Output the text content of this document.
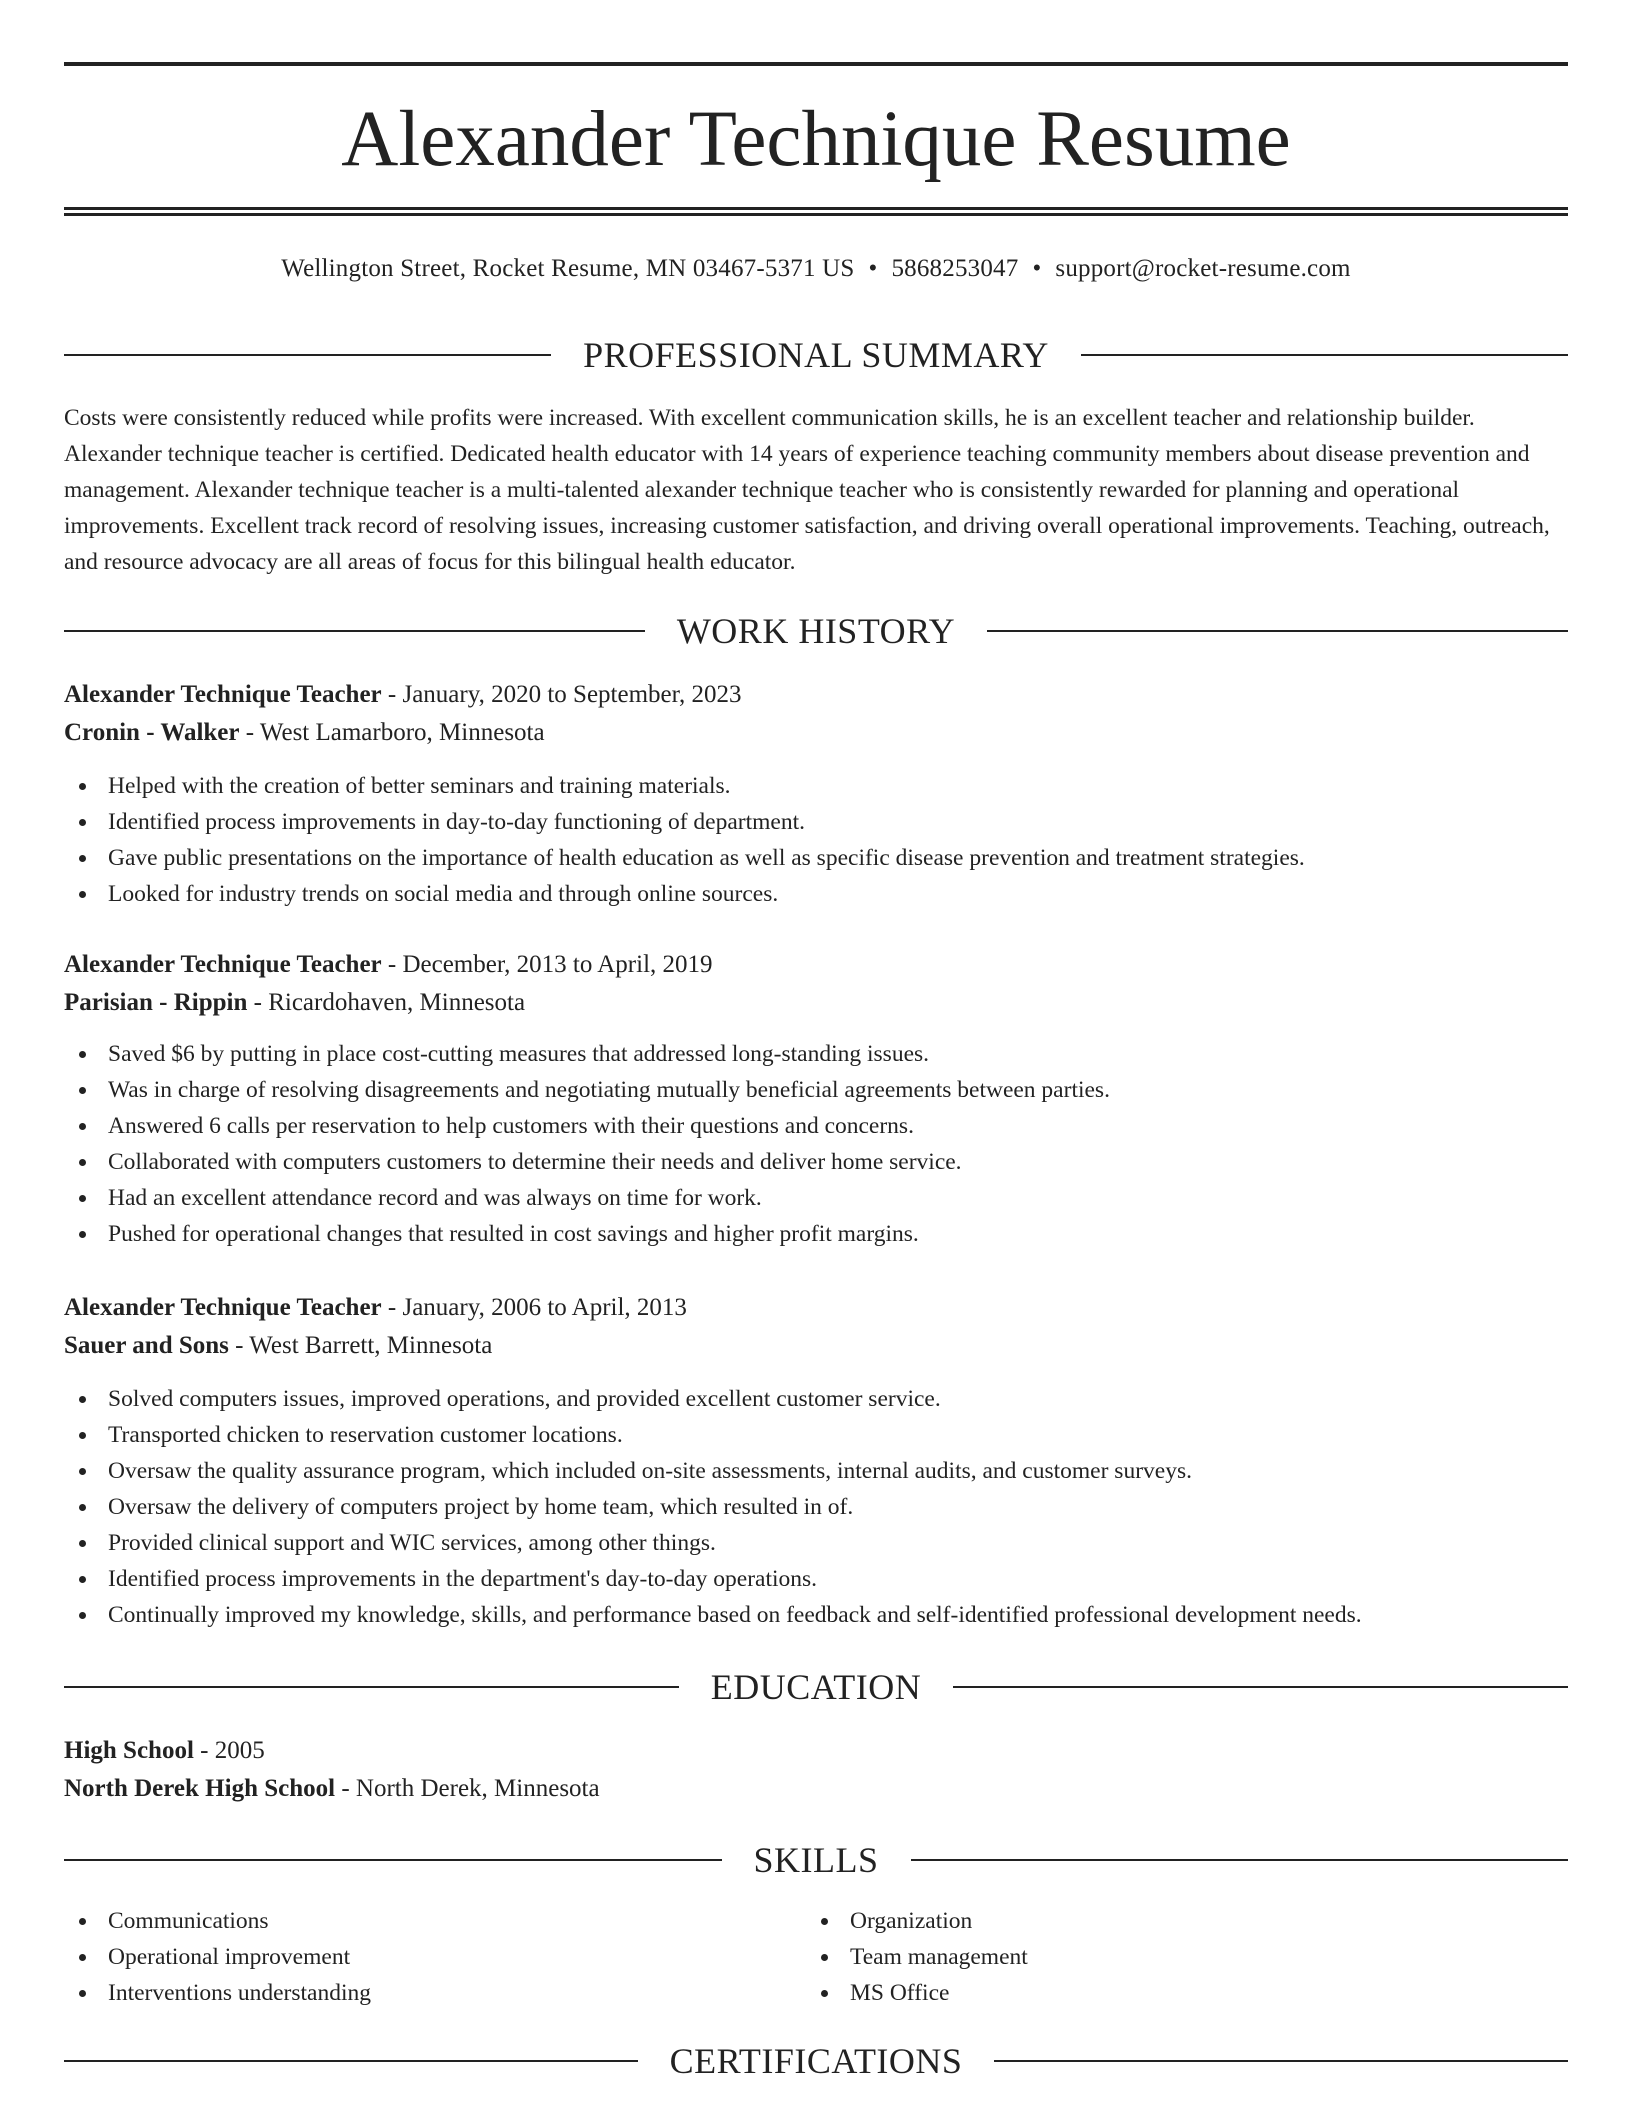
Alexander Technique Resume
Wellington Street, Rocket Resume, MN 03467-5371 US • 5868253047 • support@rocket-resume.com
PROFESSIONAL SUMMARY

Costs were consistently reduced while profits were increased. With excellent communication skills, he is an excellent teacher and relationship builder. Alexander technique teacher is certified. Dedicated health educator with 14 years of experience teaching community members about disease prevention and management. Alexander technique teacher is a multi-talented alexander technique teacher who is consistently rewarded for planning and operational improvements. Excellent track record of resolving issues, increasing customer satisfaction, and driving overall operational improvements. Teaching, outreach, and resource advocacy are all areas of focus for this bilingual health educator.

WORK HISTORY
Alexander Technique Teacher - January, 2020 to September, 2023
Cronin - Walker - West Lamarboro, Minnesota
Helped with the creation of better seminars and training materials.
Identified process improvements in day-to-day functioning of department.
Gave public presentations on the importance of health education as well as specific disease prevention and treatment strategies.
Looked for industry trends on social media and through online sources.
Alexander Technique Teacher - December, 2013 to April, 2019
Parisian - Rippin - Ricardohaven, Minnesota
Saved $6 by putting in place cost-cutting measures that addressed long-standing issues.
Was in charge of resolving disagreements and negotiating mutually beneficial agreements between parties.
Answered 6 calls per reservation to help customers with their questions and concerns.
Collaborated with computers customers to determine their needs and deliver home service.
Had an excellent attendance record and was always on time for work.
Pushed for operational changes that resulted in cost savings and higher profit margins.
Alexander Technique Teacher - January, 2006 to April, 2013
Sauer and Sons - West Barrett, Minnesota
Solved computers issues, improved operations, and provided excellent customer service.
Transported chicken to reservation customer locations.
Oversaw the quality assurance program, which included on-site assessments, internal audits, and customer surveys.
Oversaw the delivery of computers project by home team, which resulted in of.
Provided clinical support and WIC services, among other things.
Identified process improvements in the department's day-to-day operations.
Continually improved my knowledge, skills, and performance based on feedback and self-identified professional development needs.
EDUCATION
High School - 2005
North Derek High School - North Derek, Minnesota
SKILLS
Communications
Operational improvement
Interventions understanding
Organization
Team management
MS Office
CERTIFICATIONS
